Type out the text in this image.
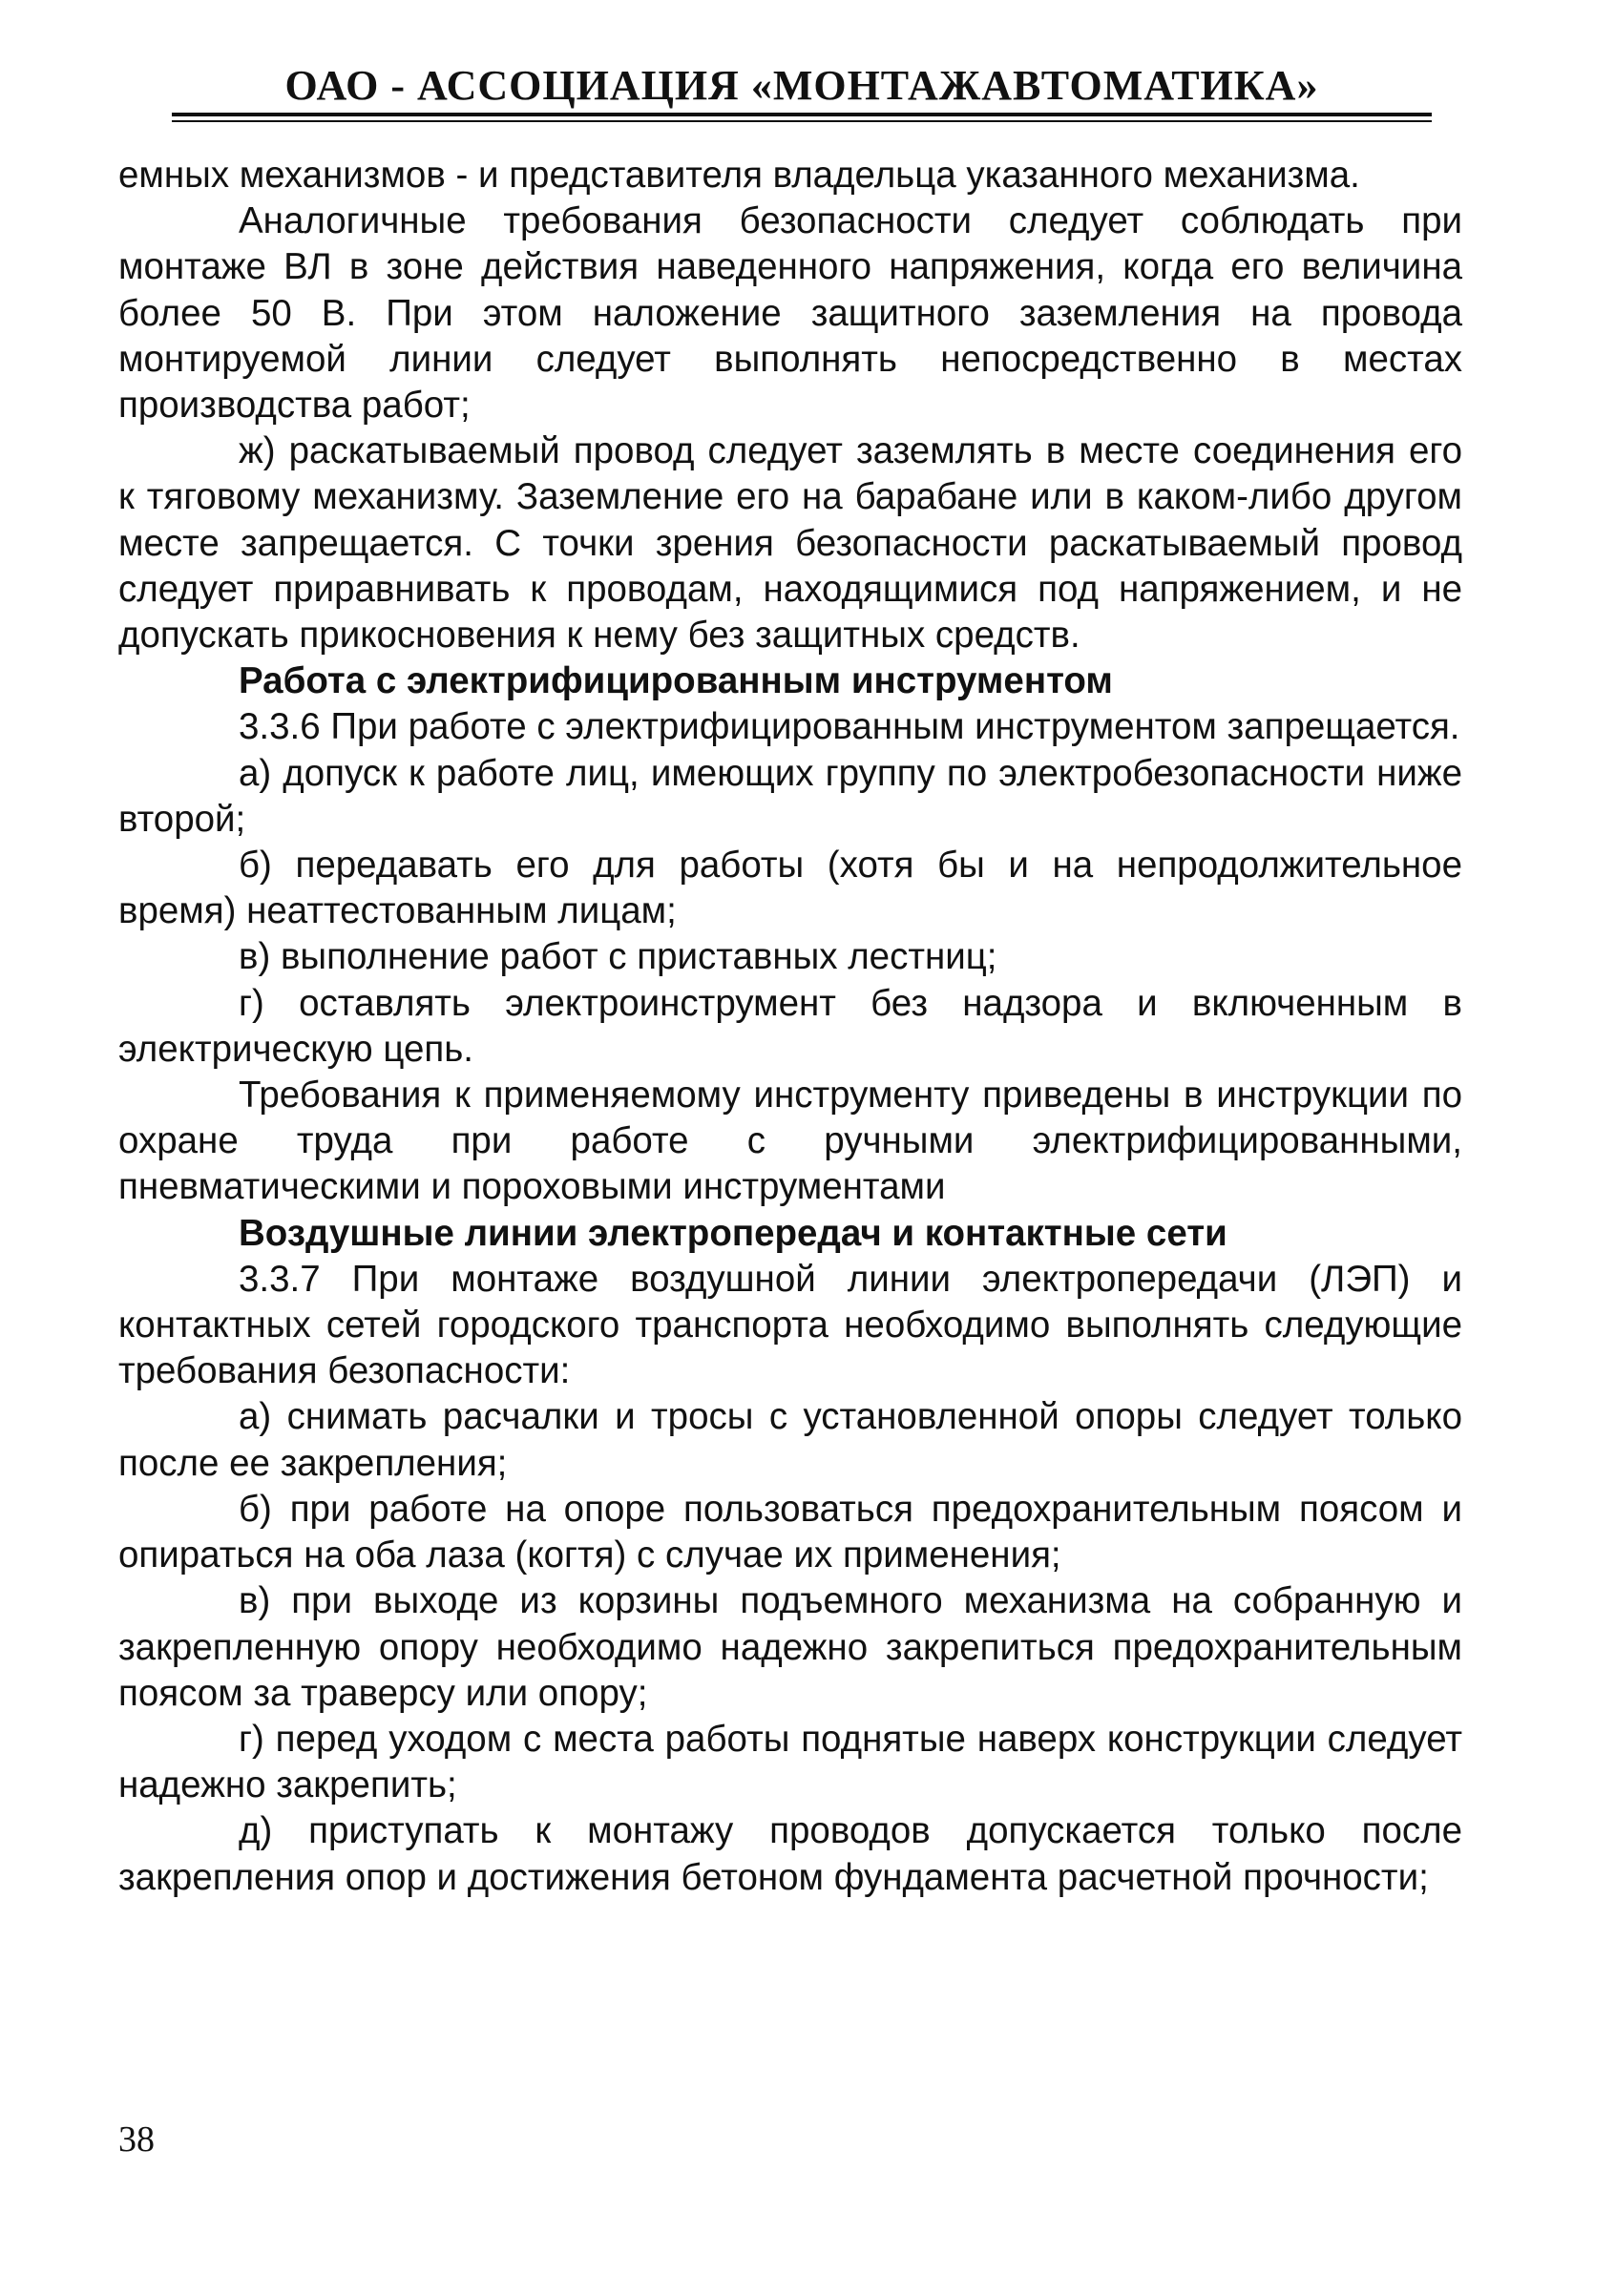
ОАО - АССОЦИАЦИЯ «МОНТАЖАВТОМАТИКА»

емных механизмов - и представителя владельца указанного механизма.

Аналогичные требования безопасности следует соблюдать при монтаже ВЛ в зоне действия наведенного напряжения, когда его величина более 50 В. При этом наложение защитного заземления на провода монтируемой линии следует выполнять непосредственно в местах производства работ;

ж) раскатываемый провод следует заземлять в месте соединения его к тяговому механизму. Заземление его на барабане или в каком-либо другом месте запрещается. С точки зрения безопасности раскатываемый провод следует приравнивать к проводам, находящимися под напряжением, и не допускать прикосновения к нему без защитных средств.

Работа с электрифицированным инструментом

3.3.6 При работе с электрифицированным инструментом запрещается.

а) допуск к работе лиц, имеющих группу по электробезопасности ниже второй;

б) передавать его для работы (хотя бы и на непродолжительное время) неаттестованным лицам;

в) выполнение работ с приставных лестниц;

г) оставлять электроинструмент без надзора и включенным в электрическую цепь.

Требования к применяемому инструменту приведены в инструкции по охране труда при работе с ручными электрифицированными, пневматическими и пороховыми инструментами

Воздушные линии электропередач и контактные сети

3.3.7 При монтаже воздушной линии электропередачи (ЛЭП) и контактных сетей городского транспорта необходимо выполнять следующие требования безопасности:

а) снимать расчалки и тросы с установленной опоры следует только после ее закрепления;

б) при работе на опоре пользоваться предохранительным поясом и опираться на оба лаза (когтя) с случае их применения;

в) при выходе из корзины подъемного механизма на собранную и закрепленную опору необходимо надежно закрепиться предохранительным поясом за траверсу или опору;

г) перед уходом с места работы поднятые наверх конструкции следует надежно закрепить;

д) приступать к монтажу проводов допускается только после закрепления опор и достижения бетоном фундамента расчетной прочности;

38
